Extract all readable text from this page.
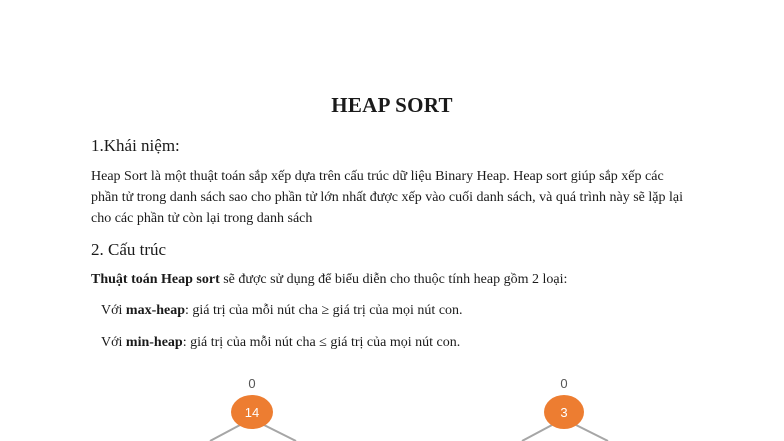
HEAP SORT
1.Khái niệm:
Heap Sort là một thuật toán sắp xếp dựa trên cấu trúc dữ liệu Binary Heap. Heap sort giúp sắp xếp các phần tử trong danh sách sao cho phần tử lớn nhất được xếp vào cuối danh sách, và quá trình này sẽ lặp lại cho các phần tử còn lại trong danh sách
2. Cấu trúc
Thuật toán Heap sort sẽ được sử dụng để biểu diễn cho thuộc tính heap gồm 2 loại:
Với max-heap: giá trị của mỗi nút cha ≥ giá trị của mọi nút con.
Với min-heap: giá trị của mỗi nút cha ≤ giá trị của mọi nút con.
0
14
0
3
